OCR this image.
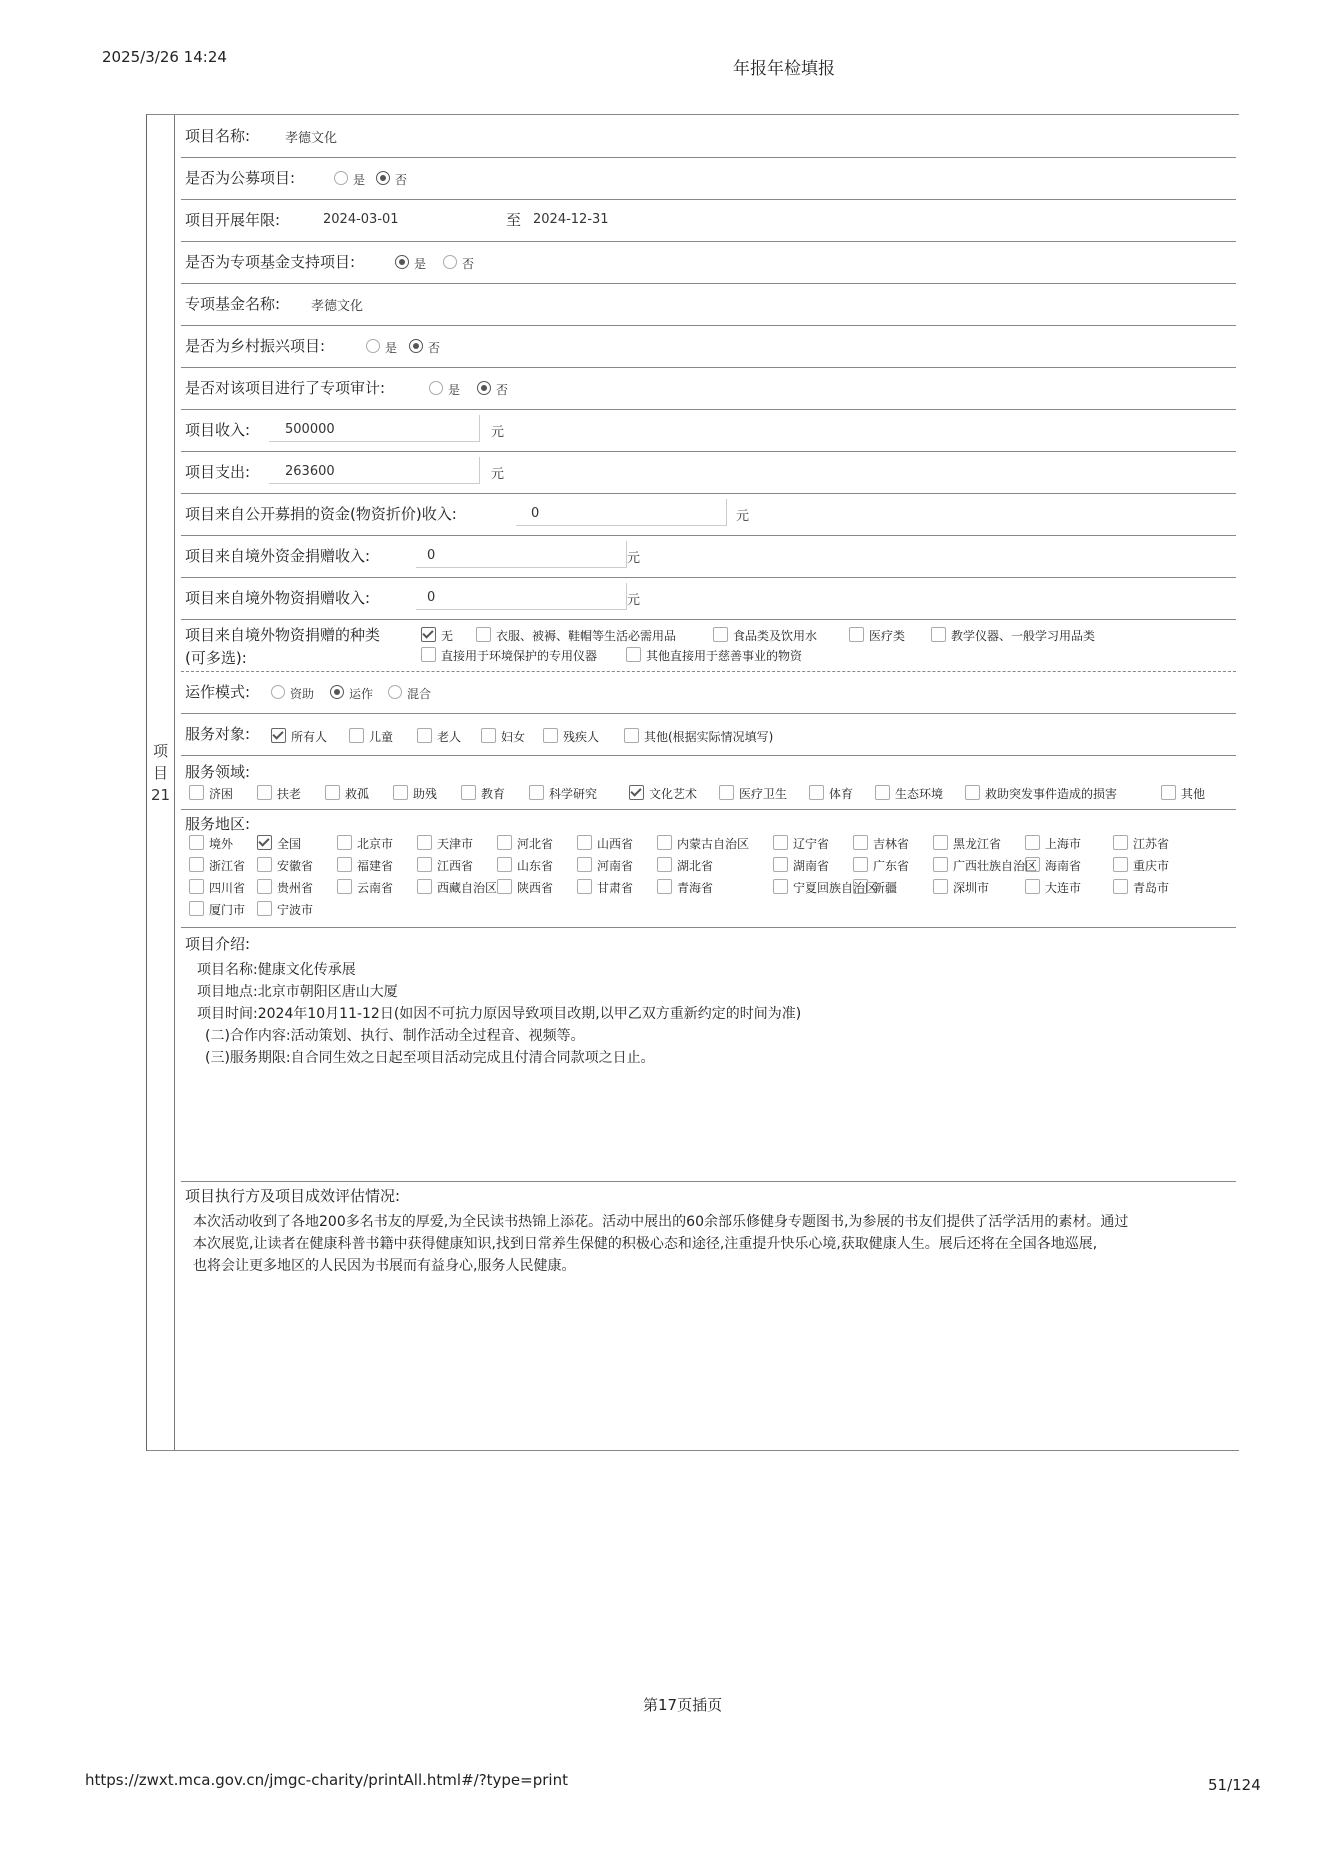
2025/3/26 14:24
年报年检填报
项
目
21
项目名称:	孝德文化
是否为公募项目:	是 否
项目开展年限:	2024-03-01	至 2024-12-31
是否为专项基金支持项目:	是	否
专项基金名称: 孝德文化
是否为乡村振兴项目:	是	否
是否对该项目进行了专项审计:	是	否
项目收入:	500000	元
项目支出:	263600	元
项目来自公开募捐的资金(物资折价)收入:	0	元
项目来自境外资金捐赠收入:	0	元
项目来自境外物资捐赠收入:	0	元
项目来自境外物资捐赠的种类
(可多选):
无	衣服、被褥、鞋帽等生活必需用品	食品类及饮用水	医疗类	教学仪器、一般学习用品类
直接用于环境保护的专用仪器	其他直接用于慈善事业的物资
运作模式:	资助	运作	混合
服务对象:	所有人	儿童	老人	妇女	残疾人	其他(根据实际情况填写)
服务领域:
济困	扶老	救孤	助残	教育	科学研究	文化艺术	医疗卫生	体育	生态环境	救助突发事件造成的损害	其他
服务地区:
境外	全国	北京市	天津市	河北省	山西省	内蒙古自治区	辽宁省	吉林省	黑龙江省	上海市	江苏省
浙江省	安徽省	福建省	江西省	山东省	河南省	湖北省	湖南省	广东省	广西壮族自治区 海南省	重庆市
四川省	贵州省	云南省	西藏自治区 陕西省	甘肃省	青海省	宁夏回族自治区
新疆	深圳市	大连市	青岛市
厦门市	宁波市
项目介绍:
项目名称:健康文化传承展
项目地点:北京市朝阳区唐山大厦
项目时间:2024年10月11-12日(如因不可抗力原因导致项目改期,以甲乙双方重新约定的时间为准)
(二)合作内容:活动策划、执行、制作活动全过程音、视频等。
(三)服务期限:自合同生效之日起至项目活动完成且付清合同款项之日止。
项目执行方及项目成效评估情况:
本次活动收到了各地200多名书友的厚爱,为全民读书热锦上添花。活动中展出的60余部乐修健身专题图书,为参展的书友们提供了活学活用的素材。通过
本次展览,让读者在健康科普书籍中获得健康知识,找到日常养生保健的积极心态和途径,注重提升快乐心境,获取健康人生。展后还将在全国各地巡展,
也将会让更多地区的人民因为书展而有益身心,服务人民健康。
第17页插页
https://zwxt.mca.gov.cn/jmgc-charity/printAll.html#/?type=print	51/124
